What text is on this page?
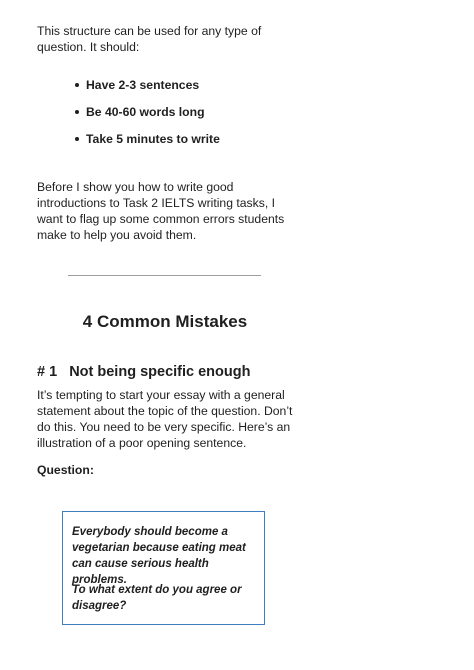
This structure can be used for any type of question. It should:

Have 2-3 sentences
Be 40-60 words long
Take 5 minutes to write

Before I show you how to write good introductions to Task 2 IELTS writing tasks, I want to flag up some common errors students make to help you avoid them.

4 Common Mistakes
# 1 Not being specific enough

It’s tempting to start your essay with a general statement about the topic of the question. Don’t do this. You need to be very specific. Here’s an illustration of a poor opening sentence.

Question:

Everybody should become a vegetarian because eating meat can cause serious health problems.

To what extent do you agree or disagree?
